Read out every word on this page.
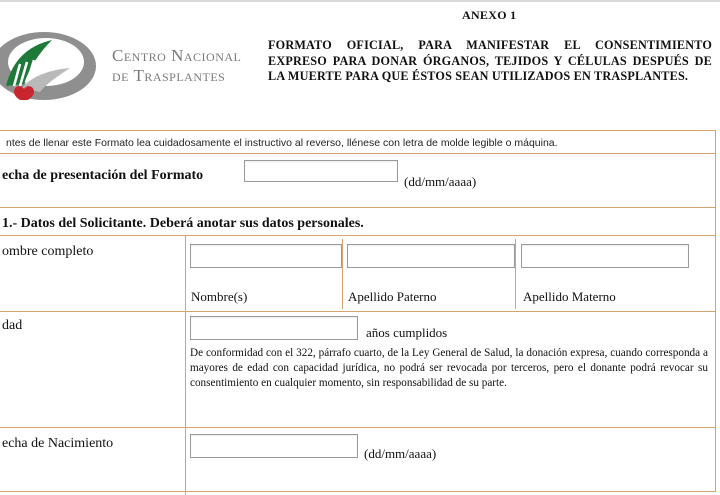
Centro Nacional
de Trasplantes
ANEXO 1
FORMATO OFICIAL, PARA MANIFESTAR EL CONSENTIMIENTO EXPRESO PARA DONAR ÓRGANOS, TEJIDOS Y CÉLULAS DESPUÉS DE LA MUERTE PARA QUE ÉSTOS SEAN UTILIZADOS EN TRASPLANTES.
ntes de llenar este Formato lea cuidadosamente el instructivo al reverso, llénese con letra de molde legible o máquina.
echa de presentación del Formato	(dd/mm/aaaa)
1.- Datos del Solicitante. Deberá anotar sus datos personales.
ombre completo
Nombre(s)	Apellido Paterno	Apellido Materno
dad	años cumplidos
De conformidad con el 322, párrafo cuarto, de la Ley General de Salud, la donación expresa, cuando corresponda a mayores de edad con capacidad jurídica, no podrá ser revocada por terceros, pero el donante podrá revocar su consentimiento en cualquier momento, sin responsabilidad de su parte.
echa de Nacimiento
(dd/mm/aaaa)
